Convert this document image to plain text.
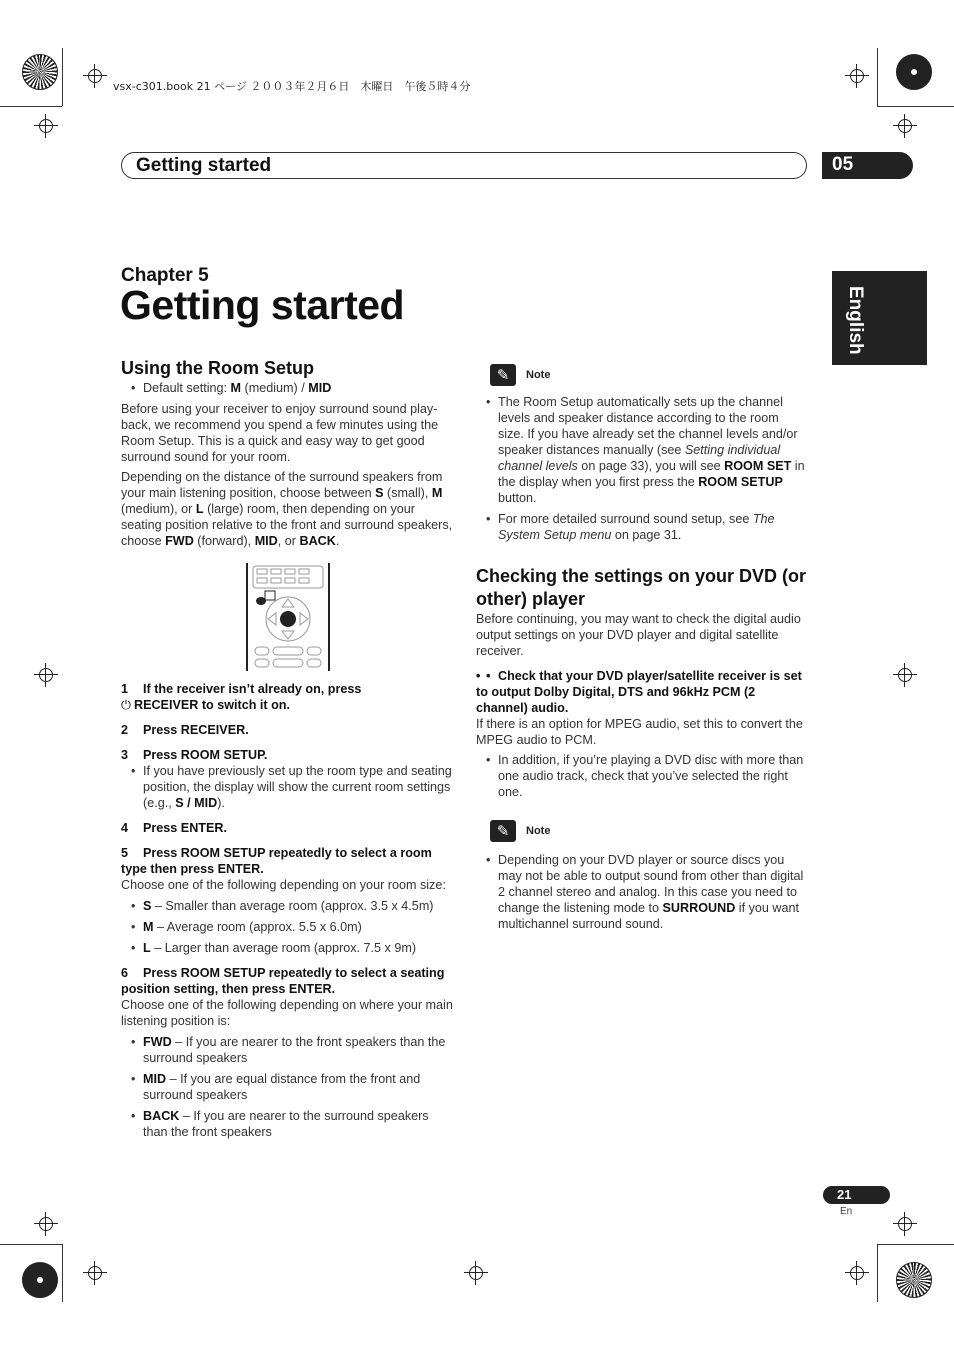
vsx-c301.book 21 ページ ２００３年２月６日　木曜日　午後５時４分
Getting started	05
English
Chapter 5
Getting started
Using the Room Setup
• Default setting: M (medium) / MID
Before using your receiver to enjoy surround sound play-back, we recommend you spend a few minutes using the Room Setup. This is a quick and easy way to get good surround sound for your room.
Depending on the distance of the surround speakers from your main listening position, choose between S (small), M (medium), or L (large) room, then depending on your seating position relative to the front and surround speakers, choose FWD (forward), MID, or BACK.
1 If the receiver isn’t already on, press
⏻ RECEIVER to switch it on.
2 Press RECEIVER.
3 Press ROOM SETUP.
• If you have previously set up the room type and seating position, the display will show the current room settings (e.g., S / MID).
4 Press ENTER.
5 Press ROOM SETUP repeatedly to select a room type then press ENTER.
Choose one of the following depending on your room size:
• S – Smaller than average room (approx. 3.5 x 4.5m)
• M – Average room (approx. 5.5 x 6.0m)
• L – Larger than average room (approx. 7.5 x 9m)
6 Press ROOM SETUP repeatedly to select a seating position setting, then press ENTER.
Choose one of the following depending on where your main listening position is:
• FWD – If you are nearer to the front speakers than the surround speakers
• MID – If you are equal distance from the front and surround speakers
• BACK – If you are nearer to the surround speakers than the front speakers
✎	Note
• The Room Setup automatically sets up the channel levels and speaker distance according to the room size. If you have already set the channel levels and/or speaker distances manually (see Setting individual channel levels on page 33), you will see ROOM SET in the display when you first press the ROOM SETUP button.
• For more detailed surround sound setup, see The System Setup menu on page 31.
Checking the settings on your DVD (or other) player
Before continuing, you may want to check the digital audio output settings on your DVD player and digital satellite receiver.
• • Check that your DVD player/satellite receiver is set to output Dolby Digital, DTS and 96kHz PCM (2 channel) audio.
If there is an option for MPEG audio, set this to convert the MPEG audio to PCM.
• In addition, if you’re playing a DVD disc with more than one audio track, check that you’ve selected the right one.
✎	Note
• Depending on your DVD player or source discs you may not be able to output sound from other than digital 2 channel stereo and analog. In this case you need to change the listening mode to SURROUND if you want multichannel surround sound.
21
En
